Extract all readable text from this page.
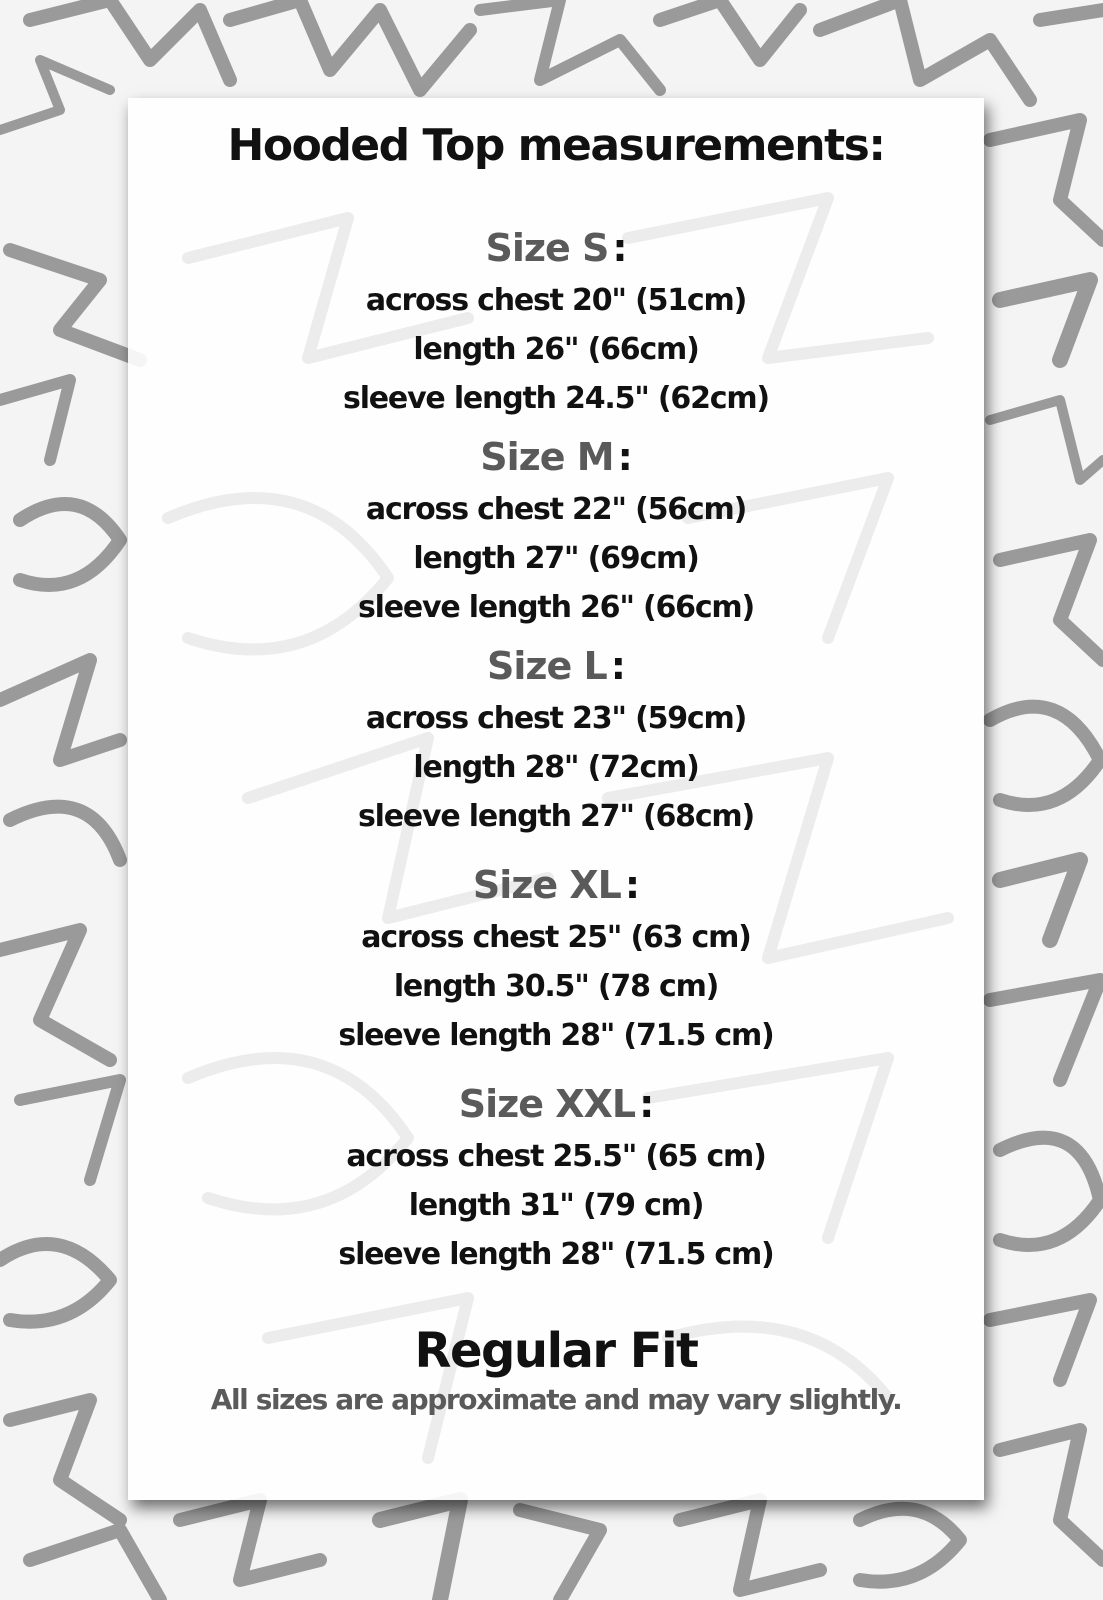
Hooded Top measurements:
Size S :
across chest 20" (51cm)
length 26" (66cm)
sleeve length 24.5" (62cm)
Size M :
across chest 22" (56cm)
length 27" (69cm)
sleeve length 26" (66cm)
Size L :
across chest 23" (59cm)
length 28" (72cm)
sleeve length 27" (68cm)
Size XL :
across chest 25" (63 cm)
length 30.5" (78 cm)
sleeve length 28" (71.5 cm)
Size XXL :
across chest 25.5" (65 cm)
length 31" (79 cm)
sleeve length 28" (71.5 cm)
Regular Fit
All sizes are approximate and may vary slightly.
